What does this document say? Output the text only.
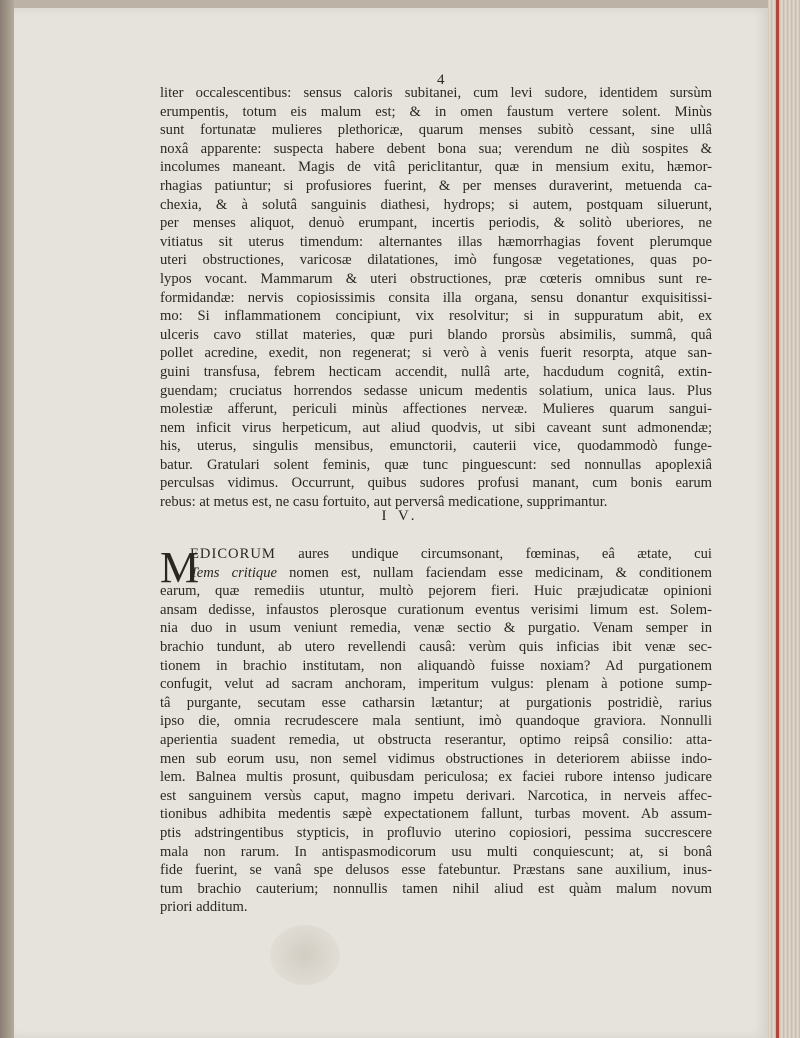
4
liter occalescentibus: sensus caloris subitanei, cum levi sudore, identidem sursùm
erumpentis, totum eis malum est; & in omen faustum vertere solent. Minùs
sunt fortunatæ mulieres plethoricæ, quarum menses subitò cessant, sine ullâ
noxâ apparente: suspecta habere debent bona sua; verendum ne diù sospites &
incolumes maneant. Magis de vitâ periclitantur, quæ in mensium exitu, hæmor-
rhagias patiuntur; si profusiores fuerint, & per menses duraverint, metuenda ca-
chexia, & à solutâ sanguinis diathesi, hydrops; si autem, postquam siluerunt,
per menses aliquot, denuò erumpant, incertis periodis, & solitò uberiores, ne
vitiatus sit uterus timendum: alternantes illas hæmorrhagias fovent plerumque
uteri obstructiones, varicosæ dilatationes, imò fungosæ vegetationes, quas po-
lypos vocant. Mammarum & uteri obstructiones, præ cœteris omnibus sunt re-
formidandæ: nervis copiosissimis consita illa organa, sensu donantur exquisitissi-
mo: Si inflammationem concipiunt, vix resolvitur; si in suppuratum abit, ex
ulceris cavo stillat materies, quæ puri blando prorsùs absimilis, summâ, quâ
pollet acredine, exedit, non regenerat; si verò à venis fuerit resorpta, atque san-
guini transfusa, febrem hecticam accendit, nullâ arte, hacdudum cognitâ, extin-
guendam; cruciatus horrendos sedasse unicum medentis solatium, unica laus. Plus
molestiæ afferunt, periculi minùs affectiones nerveæ. Mulieres quarum sangui-
nem inficit virus herpeticum, aut aliud quodvis, ut sibi caveant sunt admonendæ;
his, uterus, singulis mensibus, emunctorii, cauterii vice, quodammodò funge-
batur. Gratulari solent feminis, quæ tunc pinguescunt: sed nonnullas apoplexiâ
perculsas vidimus. Occurrunt, quibus sudores profusi manant, cum bonis earum
rebus: at metus est, ne casu fortuito, aut perversâ medicatione, supprimantur.
I V.
M
EDICORUM aures undique circumsonant, fœminas, eâ ætate, cui
Tems critique nomen est, nullam faciendam esse medicinam, & conditionem
earum, quæ remediis utuntur, multò pejorem fieri. Huic præjudicatæ opinioni
ansam dedisse, infaustos plerosque curationum eventus verisimi limum est. Solem-
nia duo in usum veniunt remedia, venæ sectio & purgatio. Venam semper in
brachio tundunt, ab utero revellendi causâ: verùm quis inficias ibit venæ sec-
tionem in brachio institutam, non aliquandò fuisse noxiam? Ad purgationem
confugit, velut ad sacram anchoram, imperitum vulgus: plenam à potione sump-
tâ purgante, secutam esse catharsin lætantur; at purgationis postridiè, rarius
ipso die, omnia recrudescere mala sentiunt, imò quandoque graviora. Nonnulli
aperientia suadent remedia, ut obstructa reserantur, optimo reipsâ consilio: atta-
men sub eorum usu, non semel vidimus obstructiones in deteriorem abiisse indo-
lem. Balnea multis prosunt, quibusdam periculosa; ex faciei rubore intenso judicare
est sanguinem versùs caput, magno impetu derivari. Narcotica, in nerveis affec-
tionibus adhibita medentis sæpè expectationem fallunt, turbas movent. Ab assum-
ptis adstringentibus stypticis, in profluvio uterino copiosiori, pessima succrescere
mala non rarum. In antispasmodicorum usu multi conquiescunt; at, si bonâ
fide fuerint, se vanâ spe delusos esse fatebuntur. Præstans sane auxilium, inus-
tum brachio cauterium; nonnullis tamen nihil aliud est quàm malum novum
priori additum.
